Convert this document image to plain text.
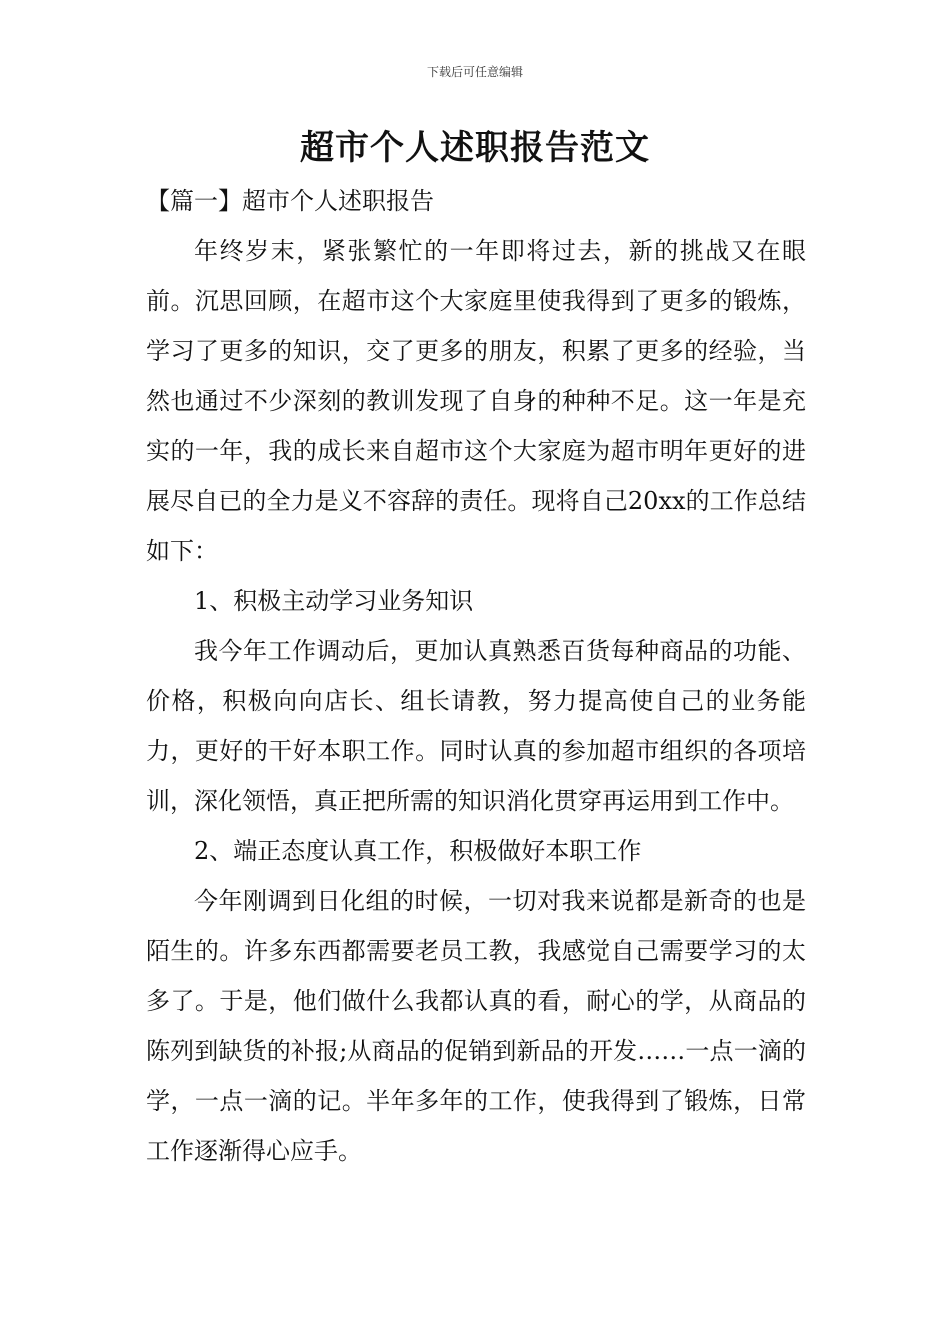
下载后可任意编辑
超市个人述职报告范文

【篇一】超市个人述职报告

年终岁末，紧张繁忙的一年即将过去，新的挑战又在眼前。沉思回顾，在超市这个大家庭里使我得到了更多的锻炼，学习了更多的知识，交了更多的朋友，积累了更多的经验，当然也通过不少深刻的教训发现了自身的种种不足。这一年是充实的一年，我的成长来自超市这个大家庭为超市明年更好的进展尽自已的全力是义不容辞的责任。现将自己20xx的工作总结如下：

1、积极主动学习业务知识

我今年工作调动后，更加认真熟悉百货每种商品的功能、价格，积极向向店长、组长请教，努力提高使自己的业务能力，更好的干好本职工作。同时认真的参加超市组织的各项培训，深化领悟，真正把所需的知识消化贯穿再运用到工作中。

2、端正态度认真工作，积极做好本职工作

今年刚调到日化组的时候，一切对我来说都是新奇的也是陌生的。许多东西都需要老员工教，我感觉自己需要学习的太多了。于是，他们做什么我都认真的看，耐心的学，从商品的陈列到缺货的补报;从商品的促销到新品的开发……一点一滴的学，一点一滴的记。半年多年的工作，使我得到了锻炼，日常工作逐渐得心应手。
